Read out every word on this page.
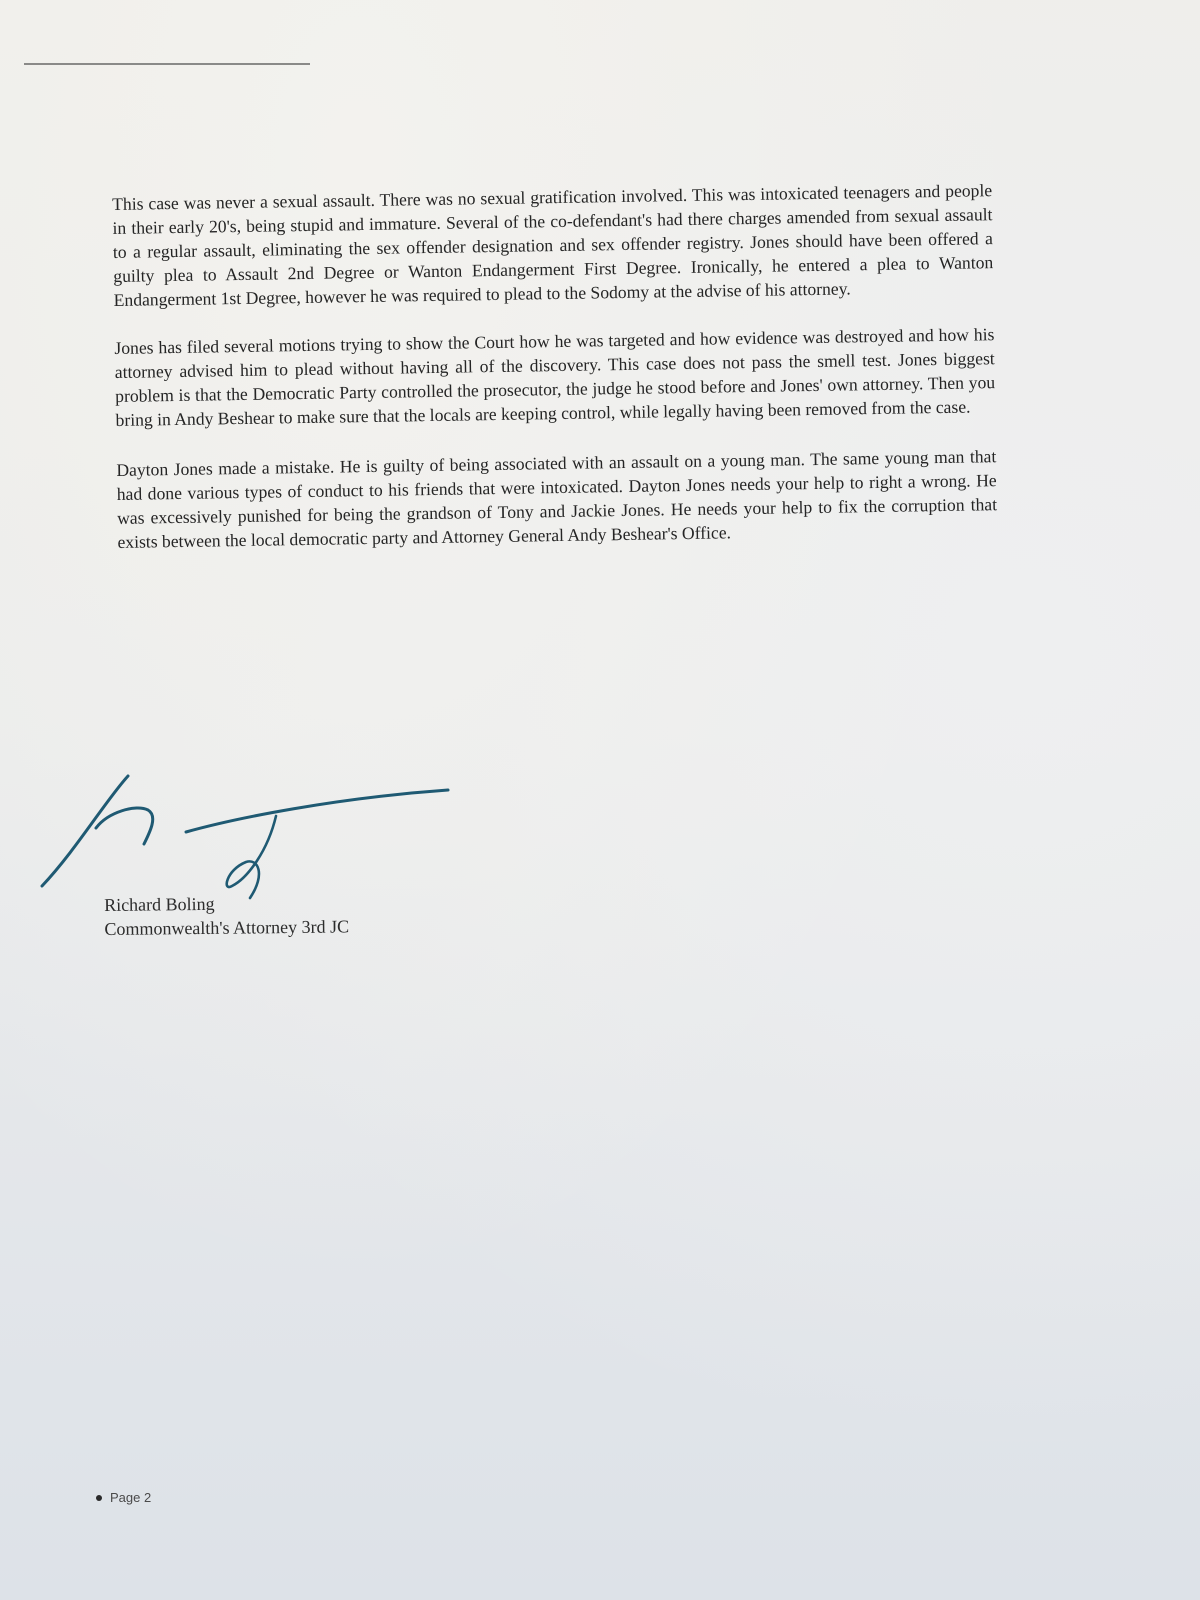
This case was never a sexual assault. There was no sexual gratification involved. This was intoxicated teenagers and people in their early 20's, being stupid and immature. Several of the co-defendant's had there charges amended from sexual assault to a regular assault, eliminating the sex offender designation and sex offender registry. Jones should have been offered a guilty plea to Assault 2nd Degree or Wanton Endangerment First Degree. Ironically, he entered a plea to Wanton Endangerment 1st Degree, however he was required to plead to the Sodomy at the advise of his attorney.

Jones has filed several motions trying to show the Court how he was targeted and how evidence was destroyed and how his attorney advised him to plead without having all of the discovery. This case does not pass the smell test. Jones biggest problem is that the Democratic Party controlled the prosecutor, the judge he stood before and Jones' own attorney. Then you bring in Andy Beshear to make sure that the locals are keeping control, while legally having been removed from the case.

Dayton Jones made a mistake. He is guilty of being associated with an assault on a young man. The same young man that had done various types of conduct to his friends that were intoxicated. Dayton Jones needs your help to right a wrong. He was excessively punished for being the grandson of Tony and Jackie Jones. He needs your help to fix the corruption that exists between the local democratic party and Attorney General Andy Beshear's Office.

Richard Boling
Commonwealth's Attorney 3rd JC
Page 2
